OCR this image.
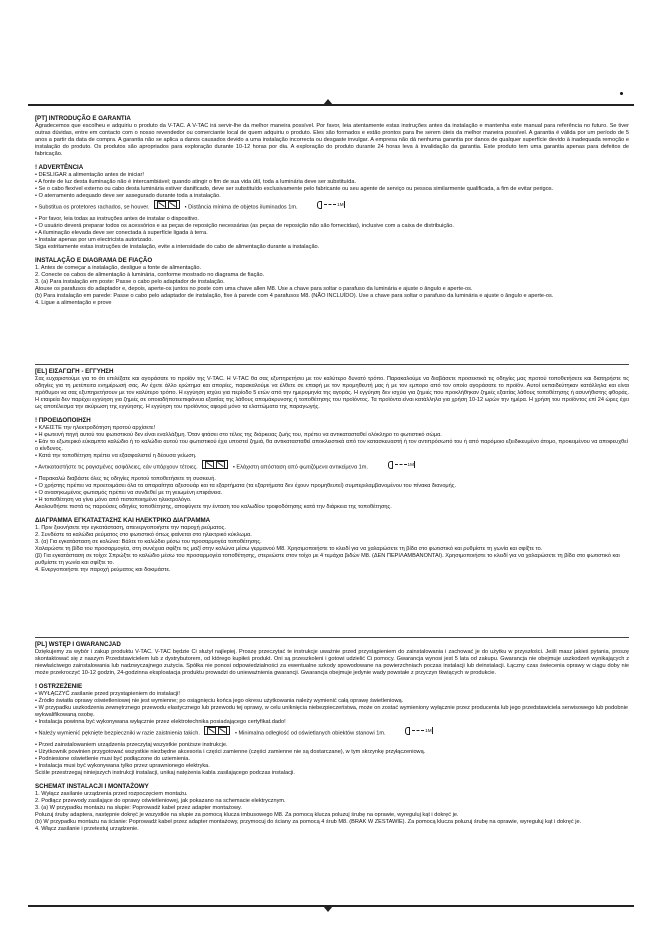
[PT] INTRODUÇÃO E GARANTIA
Agradecemos que escolheu e adquiriu o produto da V-TAC. A V-TAC irá servir-lhe da melhor maneira possível. Por favor, leia atentamente estas instruções antes da instalação e mantenha este manual para referência no futuro. Se tiver outras dúvidas, entre em contacto com o nosso revendedor ou comerciante local de quem adquiriu o produto. Eles são formados e estão prontos para lhe serem úteis da melhor maneira possível. A garantia é válida por um período de 5 anos a partir da data de compra. A garantia não se aplica a danos causados devido a uma instalação incorrecta ou desgaste invulgar. A empresa não dá nenhuma garantia por danos de qualquer superfície devido à inadequada remoção e instalação do produto. Os produtos são apropriados para exploração durante 10-12 horas por dia. A exploração do produto durante 24 horas leva à invalidação da garantia. Este produto tem uma garantia apenas para defeitos de fabricação.
! ADVERTÊNCIA
• DESLIGAR a alimentação antes de iniciar!
• A fonte de luz desta iluminação não é intercambiável; quando atingir o fim de sua vida útil, toda a luminária deve ser substituída.
• Se o cabo flexível externo ou cabo desta luminária estiver danificado, deve ser substituído exclusivamente pelo fabricante ou seu agente de serviço ou pessoa similarmente qualificada, a fim de evitar perigos.
• O aterramento adequado deve ser assegurado durante toda a instalação.
• Substitua os protetores rachados, se houver.	• Distância mínima de objetos iluminados 1m.
1M
• Por favor, leia todas as instruções antes de instalar o dispositivo.
• O usuário deverá preparar todos os acessórios e as peças de reposição necessárias (as peças de reposição não são fornecidas), inclusive com a caixa de distribuição.
• A iluminação elevada deve ser conectada à superfície ligada à terra.
• Instalar apenas por um electricista autorizado.
Siga estritamente estas instruções de instalação, evite a intensidade do cabo de alimentação durante a instalação.
INSTALAÇÃO E DIAGRAMA DE FIAÇÃO
1. Antes de começar a instalação, desligue a fonte de alimentação.
2. Conecte os cabos de alimentação à luminária, conforme mostrado no diagrama de fiação.
3. (a) Para instalação em poste: Passe o cabo pelo adaptador de instalação.
Atouxe os parafusos do adaptador e, depois, aperte-os juntos no poste com uma chave allen M8. Use a chave para soltar o parafuso da luminária e ajuste o ângulo e aperte-os.
(b) Para instalação em parede: Passe o cabo pelo adaptador de instalação, fixe à parede com 4 parafusos M8. (NÃO INCLUÍDO). Use a chave para soltar o parafuso da luminária e ajuste o ângulo e aperte-os.
4. Ligue a alimentação e prove
[EL] ΕΙΣΑΓΩΓΗ - ΕΓΓΥΗΣΗ
Σας ευχαριστούμε για το ότι επιλέξατε και αγοράσατε το προϊόν της V-TAC. Η V-TAC θα σας εξυπηρετήσει με τον καλύτερο δυνατό τρόπο. Παρακαλούμε να διαβάσετε προσεκτικά τις οδηγίες μας προτού τοποθετήσετε και διατηρήστε τις οδηγίες για τη μετέπειτα ενημέρωσή σας. Αν έχετε άλλο ερώτημα και απορίες, παρακαλούμε να έλθετε σε επαφή με τον προμηθευτή μας ή με τον εμπορο από τον οποίο αγοράσατε το προϊόν. Αυτοί εκπαιδεύτηκαν κατάλληλα και είναι πρόθυμοι να σας εξυπηρετήσουν με τον καλύτερο τρόπο. Η εγγύηση ισχύει για περίοδο 5 ετών από την ημερομηνία της αγοράς. Η εγγύηση δεν ισχύει για ζημιές που προκλήθηκαν ζημιές εξαιτίας λάθους τοποθέτησης ή ασυνήθιστης φθοράς. Η εταιρεία δεν παρέχει εγγύηση για ζημιές σε οποιαδήποτεεπιφάνεια εξαιτίας της λάθους απομάκρυνσης ή τοποθέτησης του προϊόντος. Τα προϊόντα είναι κατάλληλα για χρήση 10-12 ωρών την ημέρα. Η χρήση του προϊόντος επί 24 ώρες έχει ως αποτέλεσμα την ακύρωση της εγγύησης. Η εγγύηση του προϊόντος αφορά μόνο τα ελαττώματα της παραγωγής.
! ΠΡΟΕΙΔΟΠΟΙΗΣΗ
• ΚΛΕΙΣΤΕ την ηλεκτροδότηση προτού αρχίσετε!
• Η φωτεινή πηγή αυτού του φωτιστικού δεν είναι εναλλάξιμη. Όταν φτάσει στο τέλος της διάρκειας ζωής του, πρέπει να αντικατασταθεί ολόκληρο το φωτιστικό σώμα.
• Εάν το εξωτερικό εύκαμπτο καλώδιο ή το καλώδιο αυτού του φωτιστικού έχει υποστεί ζημιά, θα αντικατασταθεί αποκλειστικά από τον κατασκευαστή ή τον αντιπρόσωπό του ή από παρόμοιο εξειδικευμένο άτομο, προκειμένου να αποφευχθεί ο κίνδυνος.
• Κατά την τοποθέτηση πρέπει να εξασφαλιστεί η δέουσα γείωση.
• Αντικαταστήστε τις ραγισμένες ασφάλειες, εάν υπάρχουν τέτοιες.	• Ελάχιστη απόσταση από φωτιζόμενα αντικείμενα 1m.
1M
• Παρακαλώ διαβάστε όλες τις οδηγίες προτού τοποθετήσετε τη συσκευή.
• Ο χρήστης πρέπει να προετοιμάσει όλα τα απαραίτητα αξεσουάρ και τα εξαρτήματα (τα εξαρτήματα δεν έχουν προμηθευτεί) συμπεριλαμβανομένου του πίνακα διανομής.
• Ο ανασηκωμένος φωτισμός πρέπει να συνδεθεί με τη γειωμένη επιφάνεια.
• Η τοποθέτηση να γίνει μόνο από πιστοποιημένο ηλεκτρολόγο.
Ακολουθήστε πιστά τις παρούσες οδηγίες τοποθέτησης, αποφύγετε την ένταση του καλωδίου τροφοδότησης κατά την διάρκεια της τοποθέτησης.
ΔΙΑΓΡΑΜΜΑ ΕΓΚΑΤΑΣΤΑΣΗΣ ΚΑΙ ΗΛΕΚΤΡΙΚΟ ΔΙΑΓΡΑΜΜΑ
1. Πριν ξεκινήσετε την εγκατάσταση, απενεργοποιήστε την παροχή ρεύματος.
2. Συνδέστε τα καλώδια ρεύματος στο φωτιστικό όπως φαίνεται στο ηλεκτρικό κύκλωμα.
3. (α) Για εγκατάσταση σε κολώνα: Βάλτε το καλώδιο μέσω του προσαρμογέα τοποθέτησης.
Χαλαρώστε τη βίδα του προσαρμογέα, στη συνέχεια σφίξτε τις μαζί στην κολώνα μέσω γερμανού Μ8. Χρησιμοποιήστε το κλειδί για να χαλαρώσετε τη βίδα στο φωτιστικό και ρυθμίστε τη γωνία και σφίξτε το.
(β) Για εγκατάσταση σε τοίχο: Σπρώξτε το καλώδιο μέσω του προσαρμογέα τοποθέτησης, στερεώστε στον τοίχο με 4 τεμάχια βιδών Μ8. (ΔΕΝ ΠΕΡΙΛΑΜΒΑΝΟΝΤΑΙ). Χρησιμοποιήστε το κλειδί για να χαλαρώσετε τη βίδα στο φωτιστικό και ρυθμίστε τη γωνία και σφίξτε το.
4. Ενεργοποιήστε την παροχή ρεύματος και δοκιμάστε.
[PL] WSTĘP I GWARANCJAD
Dziękujemy za wybór i zakup produktu V-TAC. V-TAC będzie Ci służył najlepiej. Proszę przeczytać te instrukcje uważnie przed przystąpieniem do zainstalowania i zachować je do użytku w przyszłości. Jeśli masz jakieś pytania, proszę skontaktować się z naszym Przedstawicielem lub z dystrybutorem, od którego kupiłeś produkt. Oni są przeszkoleni i gotowi udzielić Ci pomocy. Gwarancja wynosi jest 5 lata od zakupu. Gwarancja nie obejmuje uszkodzeń wynikających z niewłaściwego zainstalowania lub nadzwyczajnego zużycia. Spółka nie ponosi odpowiedzialności za ewentualne szkody spowodowane na powierzchniach poczas instalacji lub deinstalacji. Łączny czas świecenia oprawy w ciągu doby nie może przekroczyć 10-12 godzin, 24-godzinna eksploatacja produktu prowadzi do unieważnienia gwarancji. Gwarancja obejmuje jedynie wady powstałe z przyczyn tkwiących w produkcie.
! OSTRZEŻENIE
• WYŁĄCZYĆ zasilanie przed przystąpieniem do instalacji!
• Źródło światła oprawy oświetleniowej nie jest wymienne; po osiągnięciu końca jego okresu użytkowania należy wymienić całą oprawę świetleniową.
• W przypadku uszkodzenia zewnętrznego przewodu elastycznego lub przewodu tej oprawy, w celu uniknięcia niebezpieczeństwa, może on zostać wymieniony wyłącznie przez producenta lub jego przedstawiciela serwisowego lub podobnie wykwalifikowaną osobę.
• Instalacja powinna być wykonywana wyłącznie przez elektrotechnika posiadającego certyfikat.dado!
• Należy wymienić pęknięte bezpieczniki w razie zaistnienia takich.	• Minimalna odległość od oświetlanych obiektów stanowi 1m.
1M
• Przed zainstalowaniem urządzenia przeczytaj wszystkie poniższe instrukcje.
• Użytkownik powinien przygotować wszystkie niezbędne akcesoria i części zamienne (części zamienne nie są dostarczane), w tym skrzynkę przyłączeniową.
• Podniesione oświetlenie musi być podłączone do uziemienia.
• Instalacja musi być wykonywana tylko przez uprawnionego elektryka.
Ściśle przestrzegaj niniejszych instrukcji instalacji, unikaj natężenia kabla zasilającego podczas instalacji.
SCHEMAT INSTALACJI I MONTAŻOWY
1. Wyłącz zasilanie urządzenia przed rozpoczęciem montażu.
2. Podłącz przewody zasilające do oprawy oświetleniowej, jak pokazano na schemacie elektrycznym.
3. (a) W przypadku montażu na słupie: Poprowadź kabel przez adapter montażowy.
Poluzuj śruby adaptera, następnie dokręć je wszystkie na słupie za pomocą klucza imbusowego M8. Za pomocą klucza poluzuj śrubę na oprawie, wyreguluj kąt i dokręć je.
(b) W przypadku montażu na ścianie: Poprowadź kabel przez adapter montażowy, przymocuj do ściany za pomocą 4 śrub M8. (BRAK W ZESTAWIE). Za pomocą klucza poluzuj śrubę na oprawie, wyreguluj kąt i dokręć je.
4. Włącz zasilanie i przetestuj urządzenie.
